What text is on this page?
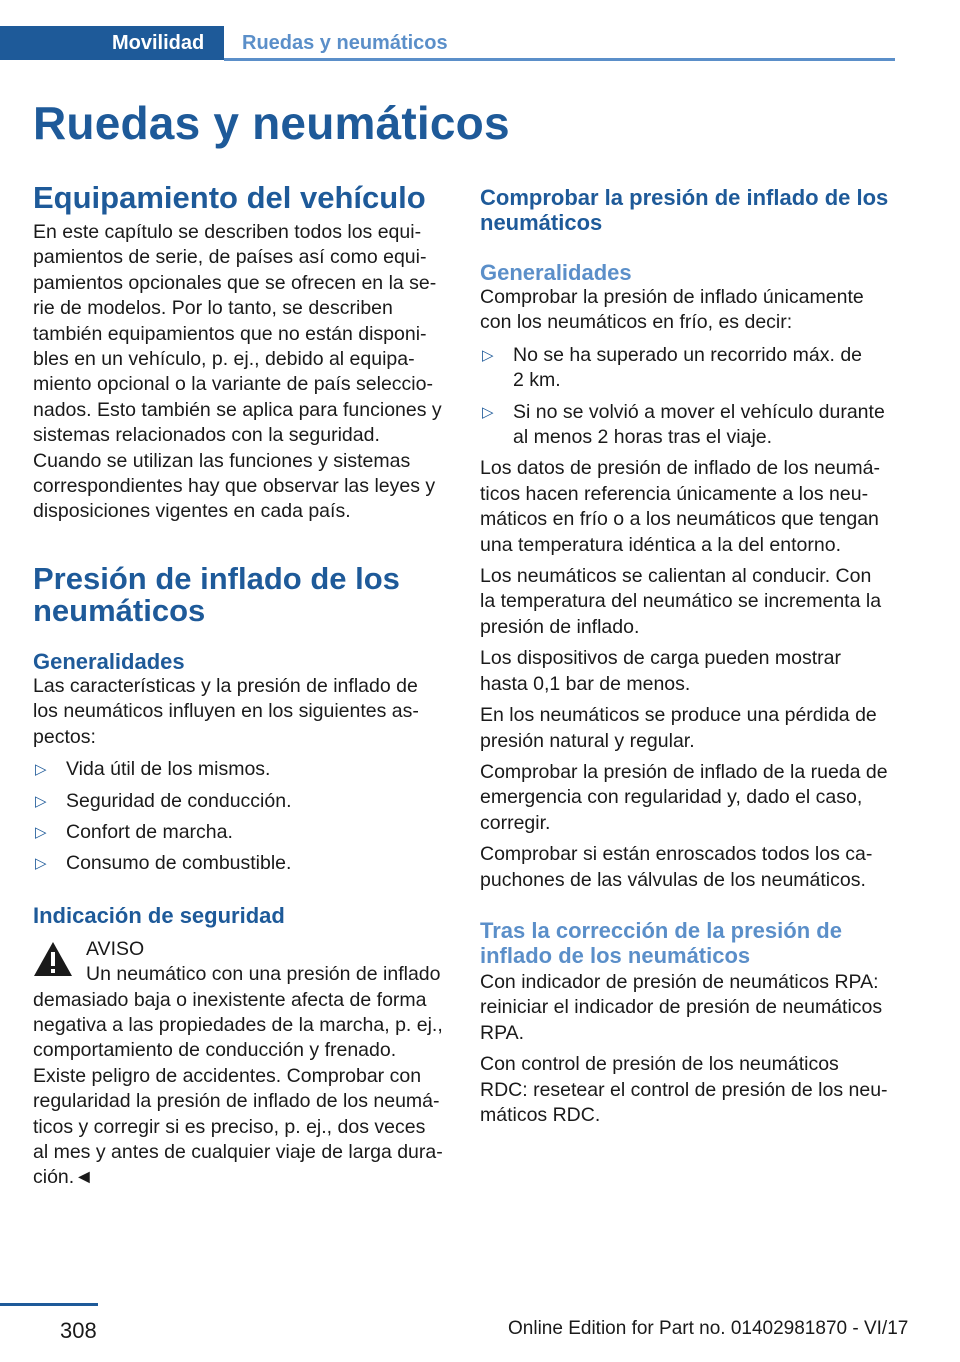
Movilidad Ruedas y neumáticos
Ruedas y neumáticos
Equipamiento del vehículo
En este capítulo se describen todos los equi-
pamientos de serie, de países así como equi-
pamientos opcionales que se ofrecen en la se-
rie de modelos. Por lo tanto, se describen
también equipamientos que no están disponi-
bles en un vehículo, p. ej., debido al equipa-
miento opcional o la variante de país seleccio-
nados. Esto también se aplica para funciones y
sistemas relacionados con la seguridad.
Cuando se utilizan las funciones y sistemas
correspondientes hay que observar las leyes y
disposiciones vigentes en cada país.
Presión de inflado de los
neumáticos
Generalidades
Las características y la presión de inflado de
los neumáticos influyen en los siguientes as-
pectos:
▷ Vida útil de los mismos.
▷ Seguridad de conducción.
▷ Confort de marcha.
▷ Consumo de combustible.
Indicación de seguridad
AVISO
Un neumático con una presión de inflado
demasiado baja o inexistente afecta de forma
negativa a las propiedades de la marcha, p. ej.,
comportamiento de conducción y frenado.
Existe peligro de accidentes. Comprobar con
regularidad la presión de inflado de los neumá-
ticos y corregir si es preciso, p. ej., dos veces
al mes y antes de cualquier viaje de larga dura-
ción.◄
Comprobar la presión de inflado de los
neumáticos
Generalidades
Comprobar la presión de inflado únicamente
con los neumáticos en frío, es decir:
▷ No se ha superado un recorrido máx. de
2 km.
▷ Si no se volvió a mover el vehículo durante
al menos 2 horas tras el viaje.
Los datos de presión de inflado de los neumá-
ticos hacen referencia únicamente a los neu-
máticos en frío o a los neumáticos que tengan
una temperatura idéntica a la del entorno.
Los neumáticos se calientan al conducir. Con
la temperatura del neumático se incrementa la
presión de inflado.
Los dispositivos de carga pueden mostrar
hasta 0,1 bar de menos.
En los neumáticos se produce una pérdida de
presión natural y regular.
Comprobar la presión de inflado de la rueda de
emergencia con regularidad y, dado el caso,
corregir.
Comprobar si están enroscados todos los ca-
puchones de las válvulas de los neumáticos.
Tras la corrección de la presión de
inflado de los neumáticos
Con indicador de presión de neumáticos RPA:
reiniciar el indicador de presión de neumáticos
RPA.
Con control de presión de los neumáticos
RDC: resetear el control de presión de los neu-
máticos RDC.
308	Online Edition for Part no. 01402981870 - VI/17
